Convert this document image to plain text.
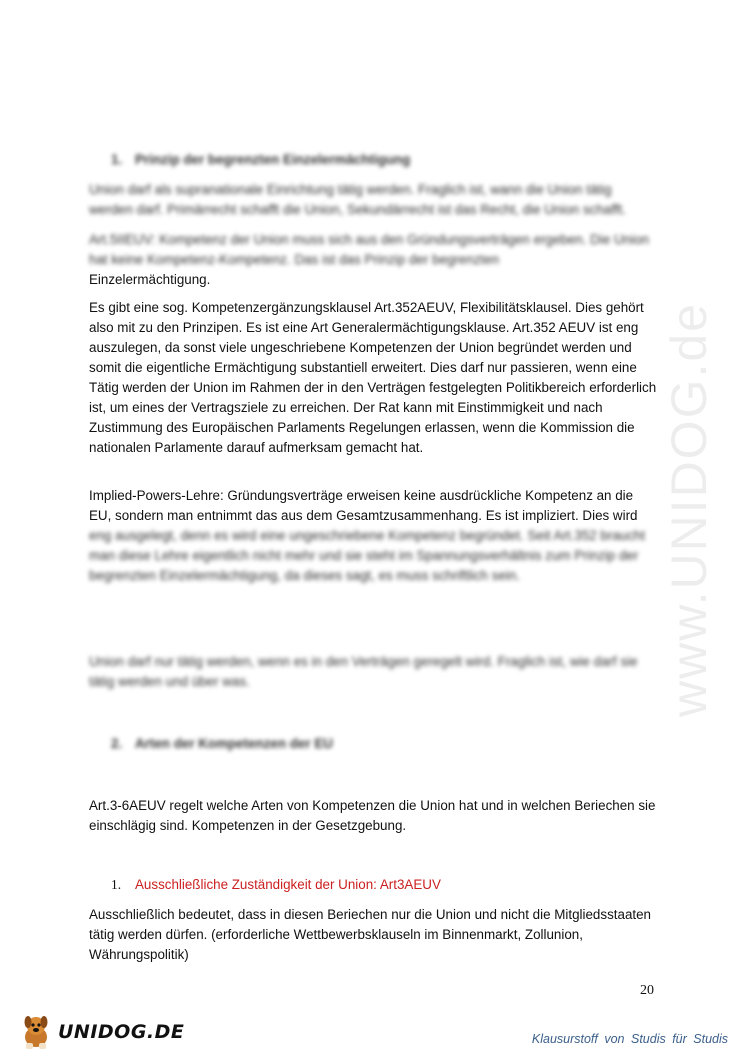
www.UNIDOG.de
1. Prinzip der begrenzten Einzelermächtigung
Union darf als supranationale Einrichtung tätig werden. Fraglich ist, wann die Union tätig werden darf. Primärrecht schafft die Union, Sekundärrecht ist das Recht, die Union schafft.
Art.5IIEUV: Kompetenz der Union muss sich aus den Gründungsverträgen ergeben. Die Union hat keine Kompetenz-Kompetenz. Das ist das Prinzip der begrenzten
Einzelermächtigung.
Es gibt eine sog. Kompetenzergänzungsklausel Art.352AEUV, Flexibilitätsklausel. Dies gehört also mit zu den Prinzipen. Es ist eine Art Generalermächtigungsklause. Art.352 AEUV ist eng auszulegen, da sonst viele ungeschriebene Kompetenzen der Union begründet werden und somit die eigentliche Ermächtigung substantiell erweitert. Dies darf nur passieren, wenn eine Tätig werden der Union im Rahmen der in den Verträgen festgelegten Politikbereich erforderlich ist, um eines der Vertragsziele zu erreichen. Der Rat kann mit Einstimmigkeit und nach Zustimmung des Europäischen Parlaments Regelungen erlassen, wenn die Kommission die nationalen Parlamente darauf aufmerksam gemacht hat.
Implied-Powers-Lehre: Gründungsverträge erweisen keine ausdrückliche Kompetenz an die EU, sondern man entnimmt das aus dem Gesamtzusammenhang. Es ist impliziert. Dies wird eng ausgelegt, denn es wird eine ungeschriebene Kompetenz begründet. Seit Art.352 braucht man diese Lehre eigentlich nicht mehr und sie steht im Spannungsverhältnis zum Prinzip der begrenzten Einzelermächtigung, da dieses sagt, es muss schriftlich sein.
Union darf nur tätig werden, wenn es in den Verträgen geregelt wird. Fraglich ist, wie darf sie tätig werden und über was.
2. Arten der Kompetenzen der EU
Art.3-6AEUV regelt welche Arten von Kompetenzen die Union hat und in welchen Beriechen sie einschlägig sind. Kompetenzen in der Gesetzgebung.
1. Ausschließliche Zuständigkeit der Union: Art3AEUV
Ausschließlich bedeutet, dass in diesen Beriechen nur die Union und nicht die Mitgliedsstaaten tätig werden dürfen. (erforderliche Wettbewerbsklauseln im Binnenmarkt, Zollunion, Währungspolitik)
20
UNIDOG.DE	Klausurstoff von Studis für Studis
